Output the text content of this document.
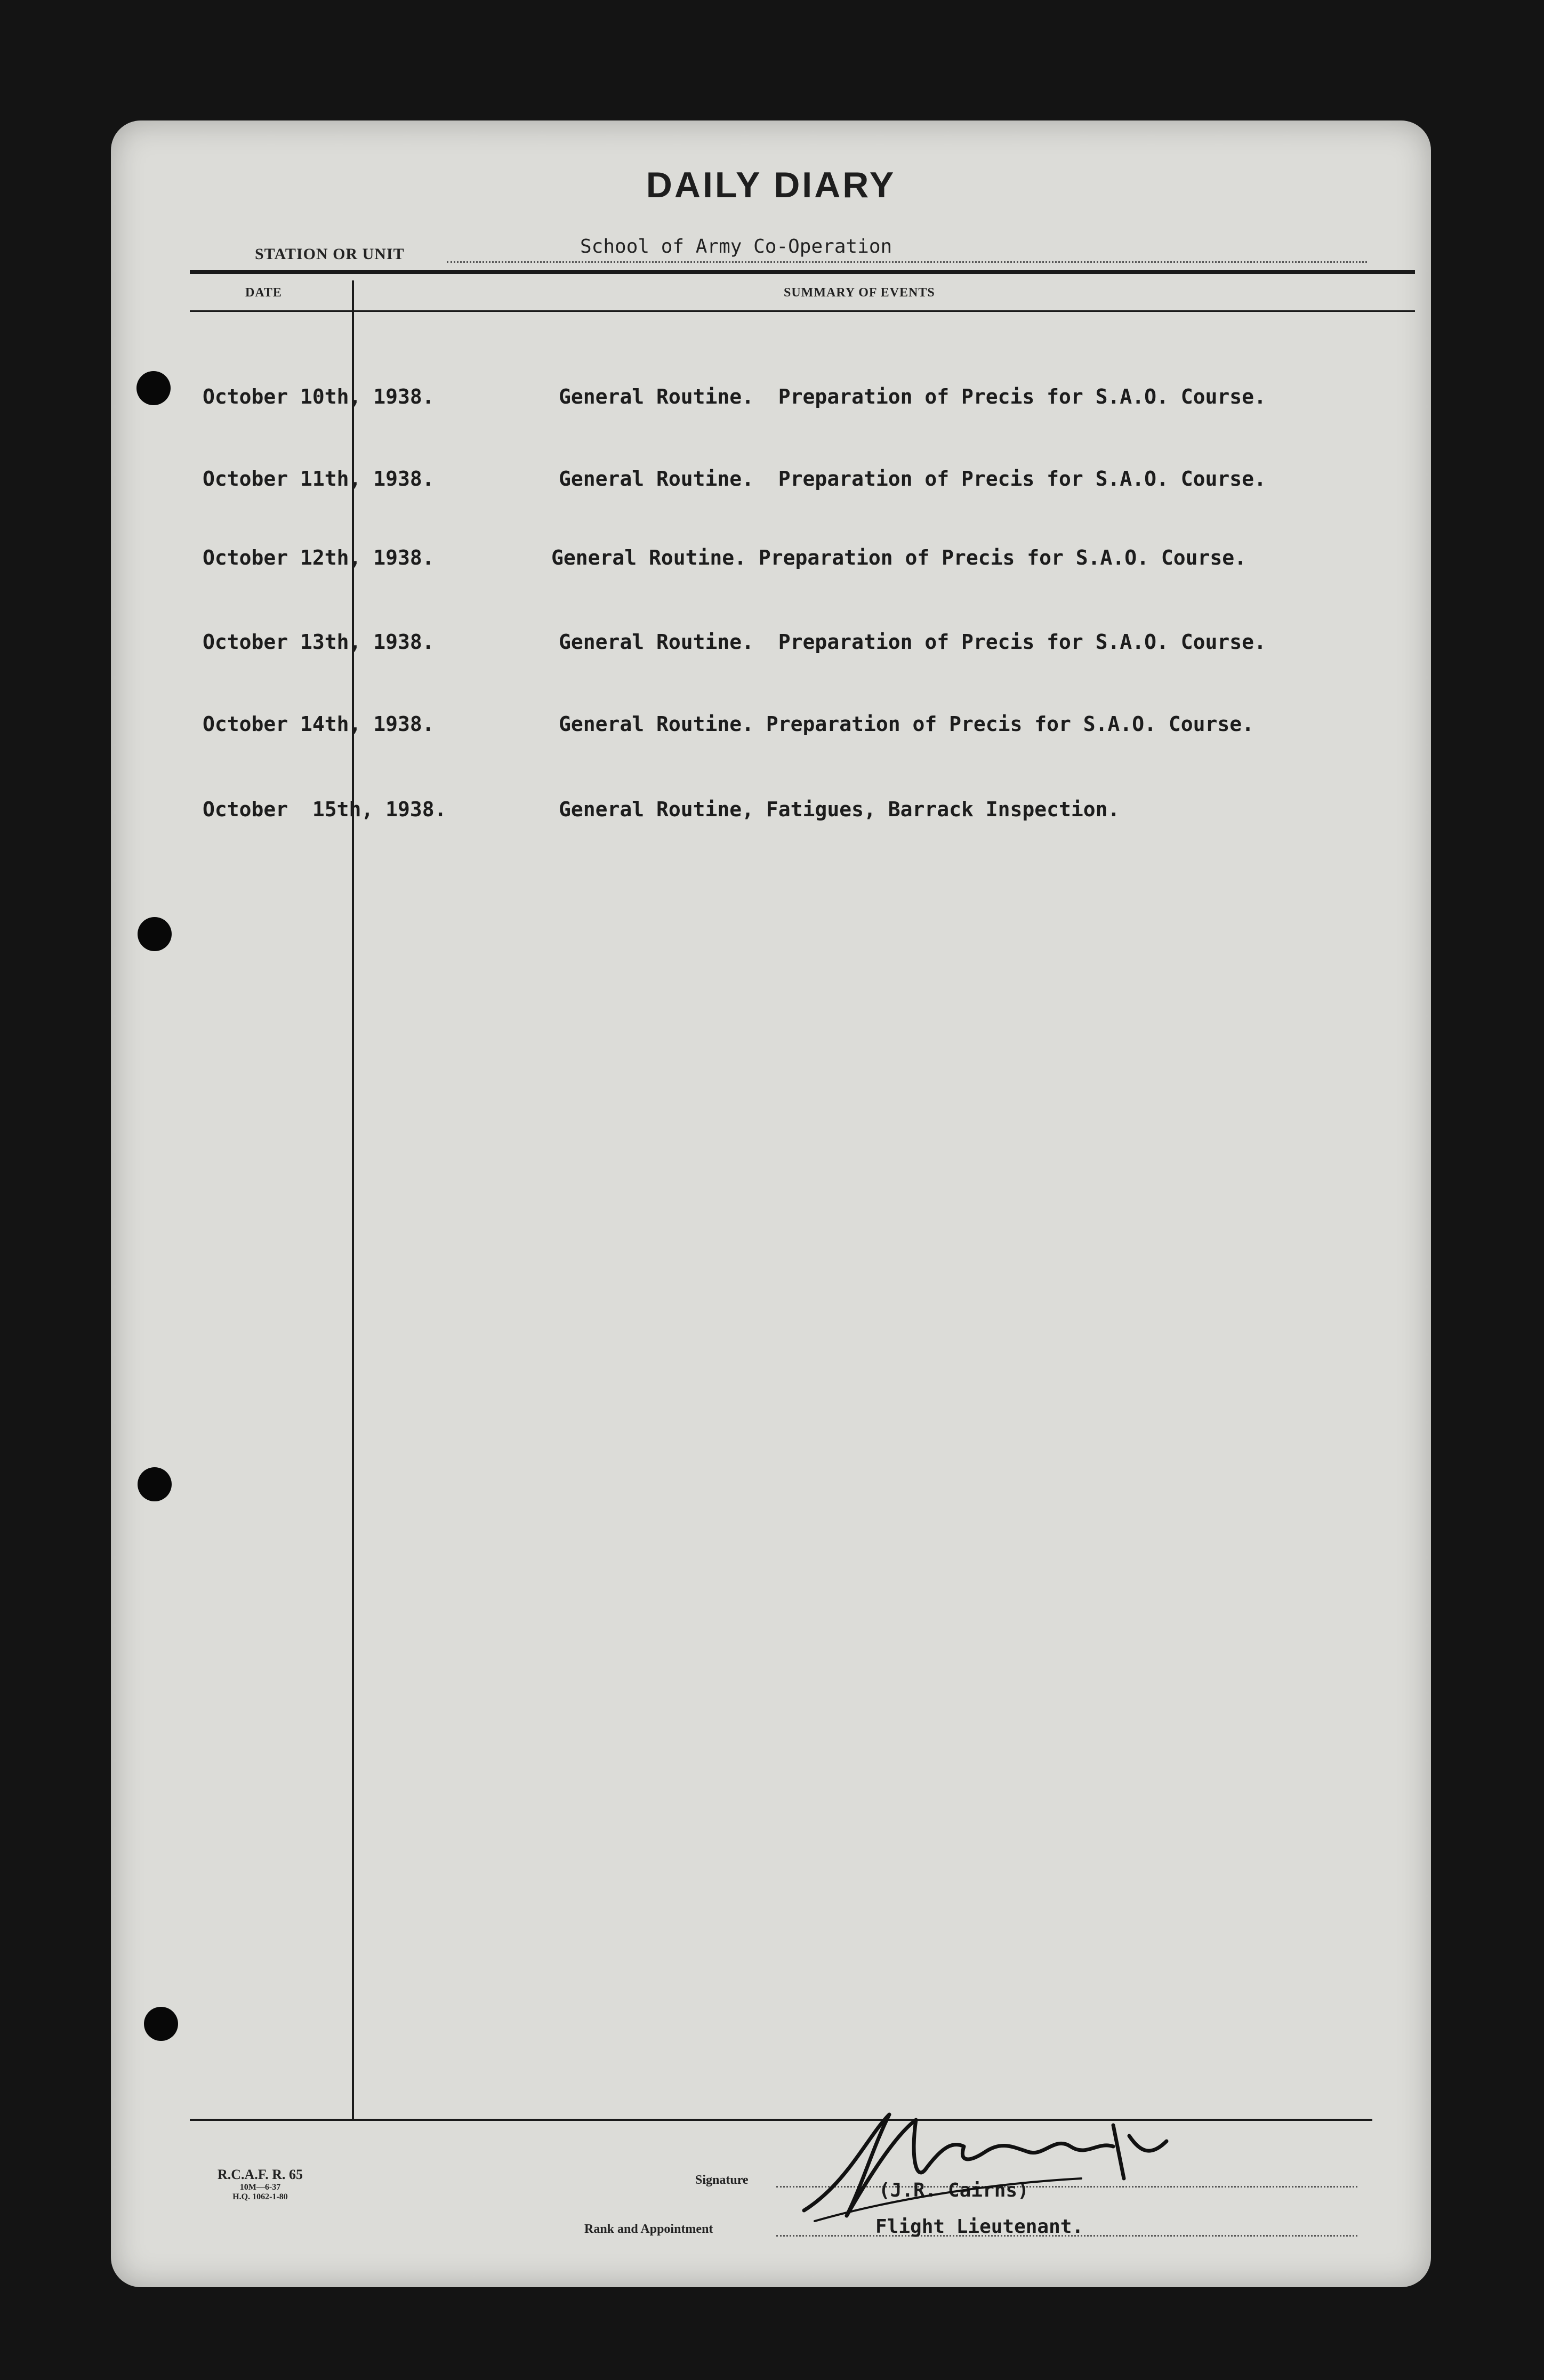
DAILY DIARY
STATION OR UNIT	School of Army Co-Operation
DATE	SUMMARY OF EVENTS
October 10th, 1938.	General Routine.  Preparation of Precis for S.A.O. Course.
October 11th, 1938.	General Routine.  Preparation of Precis for S.A.O. Course.
October 12th, 1938.	General Routine. Preparation of Precis for S.A.O. Course.
October 13th, 1938.	General Routine.  Preparation of Precis for S.A.O. Course.
October 14th, 1938.	General Routine. Preparation of Precis for S.A.O. Course.
October  15th, 1938.	General Routine, Fatigues, Barrack Inspection.
R.C.A.F. R. 65
10M—6-37
H.Q. 1062-1-80
Signature	(J.R. Cairns)
Rank and Appointment	Flight Lieutenant.
